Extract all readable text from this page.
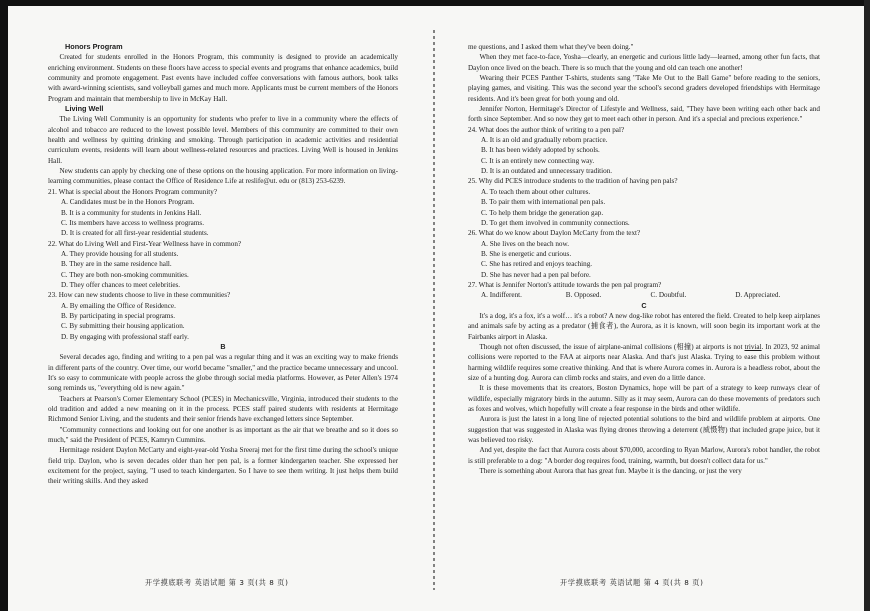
Honors Program

Created for students enrolled in the Honors Program, this community is designed to provide an academically enriching environment. Students on these floors have access to special events and programs that enhance academics, build community and promote engagement. Past events have included coffee conversations with famous authors, book talks with award-winning scientists, sand volleyball games and much more. Applicants must be current members of the Honors Program and maintain that membership to live in McKay Hall.

Living Well

The Living Well Community is an opportunity for students who prefer to live in a community where the effects of alcohol and tobacco are reduced to the lowest possible level. Members of this community are committed to their own health and wellness by quitting drinking and smoking. Through participation in academic activities and residential curriculum events, residents will learn about wellness-related resources and practices. Living Well is housed in Jenkins Hall.

New students can apply by checking one of these options on the housing application. For more information on living-learning communities, please contact the Office of Residence Life at reslife@ut. edu or (813) 253-6239.

21. What is special about the Honors Program community?

A. Candidates must be in the Honors Program.

B. It is a community for students in Jenkins Hall.

C. Its members have access to wellness programs.

D. It is created for all first-year residential students.

22. What do Living Well and First-Year Wellness have in common?

A. They provide housing for all students.

B. They are in the same residence hall.

C. They are both non-smoking communities.

D. They offer chances to meet celebrities.

23. How can new students choose to live in these communities?

A. By emailing the Office of Residence.

B. By participating in special programs.

C. By submitting their housing application.

D. By engaging with professional staff early.

B

Several decades ago, finding and writing to a pen pal was a regular thing and it was an exciting way to make friends in different parts of the country. Over time, our world became "smaller," and the practice became unnecessary and uncool. It's so easy to communicate with people across the globe through social media platforms. However, as Peter Allen's 1974 song reminds us, "everything old is new again."

Teachers at Pearson's Corner Elementary School (PCES) in Mechanicsville, Virginia, introduced their students to the old tradition and added a new meaning on it in the process. PCES staff paired students with residents at Hermitage Richmond Senior Living, and the students and their senior friends have exchanged letters since September.

"Community connections and looking out for one another is as important as the air that we breathe and so it does so much," said the President of PCES, Kamryn Cummins.

Hermitage resident Daylon McCarty and eight-year-old Yosha Sreeraj met for the first time during the school's unique field trip. Daylon, who is seven decades older than her pen pal, is a former kindergarten teacher. She expressed her excitement for the project, saying, "I used to teach kindergarten. So I have to see them writing. It just helps them build their writing skills. And they asked

me questions, and I asked them what they've been doing."

When they met face-to-face, Yosha—clearly, an energetic and curious little lady—learned, among other fun facts, that Daylon once lived on the beach. There is so much that the young and old can teach one another!

Wearing their PCES Panther T-shirts, students sang "Take Me Out to the Ball Game" before reading to the seniors, playing games, and visiting. This was the second year the school's second graders developed friendships with Hermitage residents. And it's been great for both young and old.

Jennifer Norton, Hermitage's Director of Lifestyle and Wellness, said, "They have been writing each other back and forth since September. And so now they get to meet each other in person. And it's a special and precious experience."

24. What does the author think of writing to a pen pal?

A. It is an old and gradually reborn practice.

B. It has been widely adopted by schools.

C. It is an entirely new connecting way.

D. It is an outdated and unnecessary tradition.

25. Why did PCES introduce students to the tradition of having pen pals?

A. To teach them about other cultures.

B. To pair them with international pen pals.

C. To help them bridge the generation gap.

D. To get them involved in community connections.

26. What do we know about Daylon McCarty from the text?

A. She lives on the beach now.

B. She is energetic and curious.

C. She has retired and enjoys teaching.

D. She has never had a pen pal before.

27. What is Jennifer Norton's attitude towards the pen pal program?

A. Indifferent.	B. Opposed.	C. Doubtful.	D. Appreciated.

C

It's a dog, it's a fox, it's a wolf… it's a robot? A new dog-like robot has entered the field. Created to help keep airplanes and animals safe by acting as a predator (捕食者), the Aurora, as it is known, will soon begin its important work at the Fairbanks airport in Alaska.

Though not often discussed, the issue of airplane-animal collisions (相撞) at airports is not trivial. In 2023, 92 animal collisions were reported to the FAA at airports near Alaska. And that's just Alaska. Trying to ease this problem without harming wildlife requires some creative thinking. And that is where Aurora comes in. Aurora is a headless robot, about the size of a hunting dog. Aurora can climb rocks and stairs, and even do a little dance.

It is these movements that its creators, Boston Dynamics, hope will be part of a strategy to keep runways clear of wildlife, especially migratory birds in the autumn. Silly as it may seem, Aurora can do these movements of predators such as foxes and wolves, which hopefully will create a fear response in the birds and other wildlife.

Aurora is just the latest in a long line of rejected potential solutions to the bird and wildlife problem at airports. One suggestion that was suggested in Alaska was flying drones throwing a deterrent (威慑物) that included grape juice, but it was believed too risky.

And yet, despite the fact that Aurora costs about $70,000, according to Ryan Marlow, Aurora's robot handler, the robot is still preferable to a dog: "A border dog requires food, training, warmth, but doesn't collect data for us."

There is something about Aurora that has great fun. Maybe it is the dancing, or just the very

开学摸底联考 英语试题 第 3 页(共 8 页)	开学摸底联考 英语试题 第 4 页(共 8 页)
